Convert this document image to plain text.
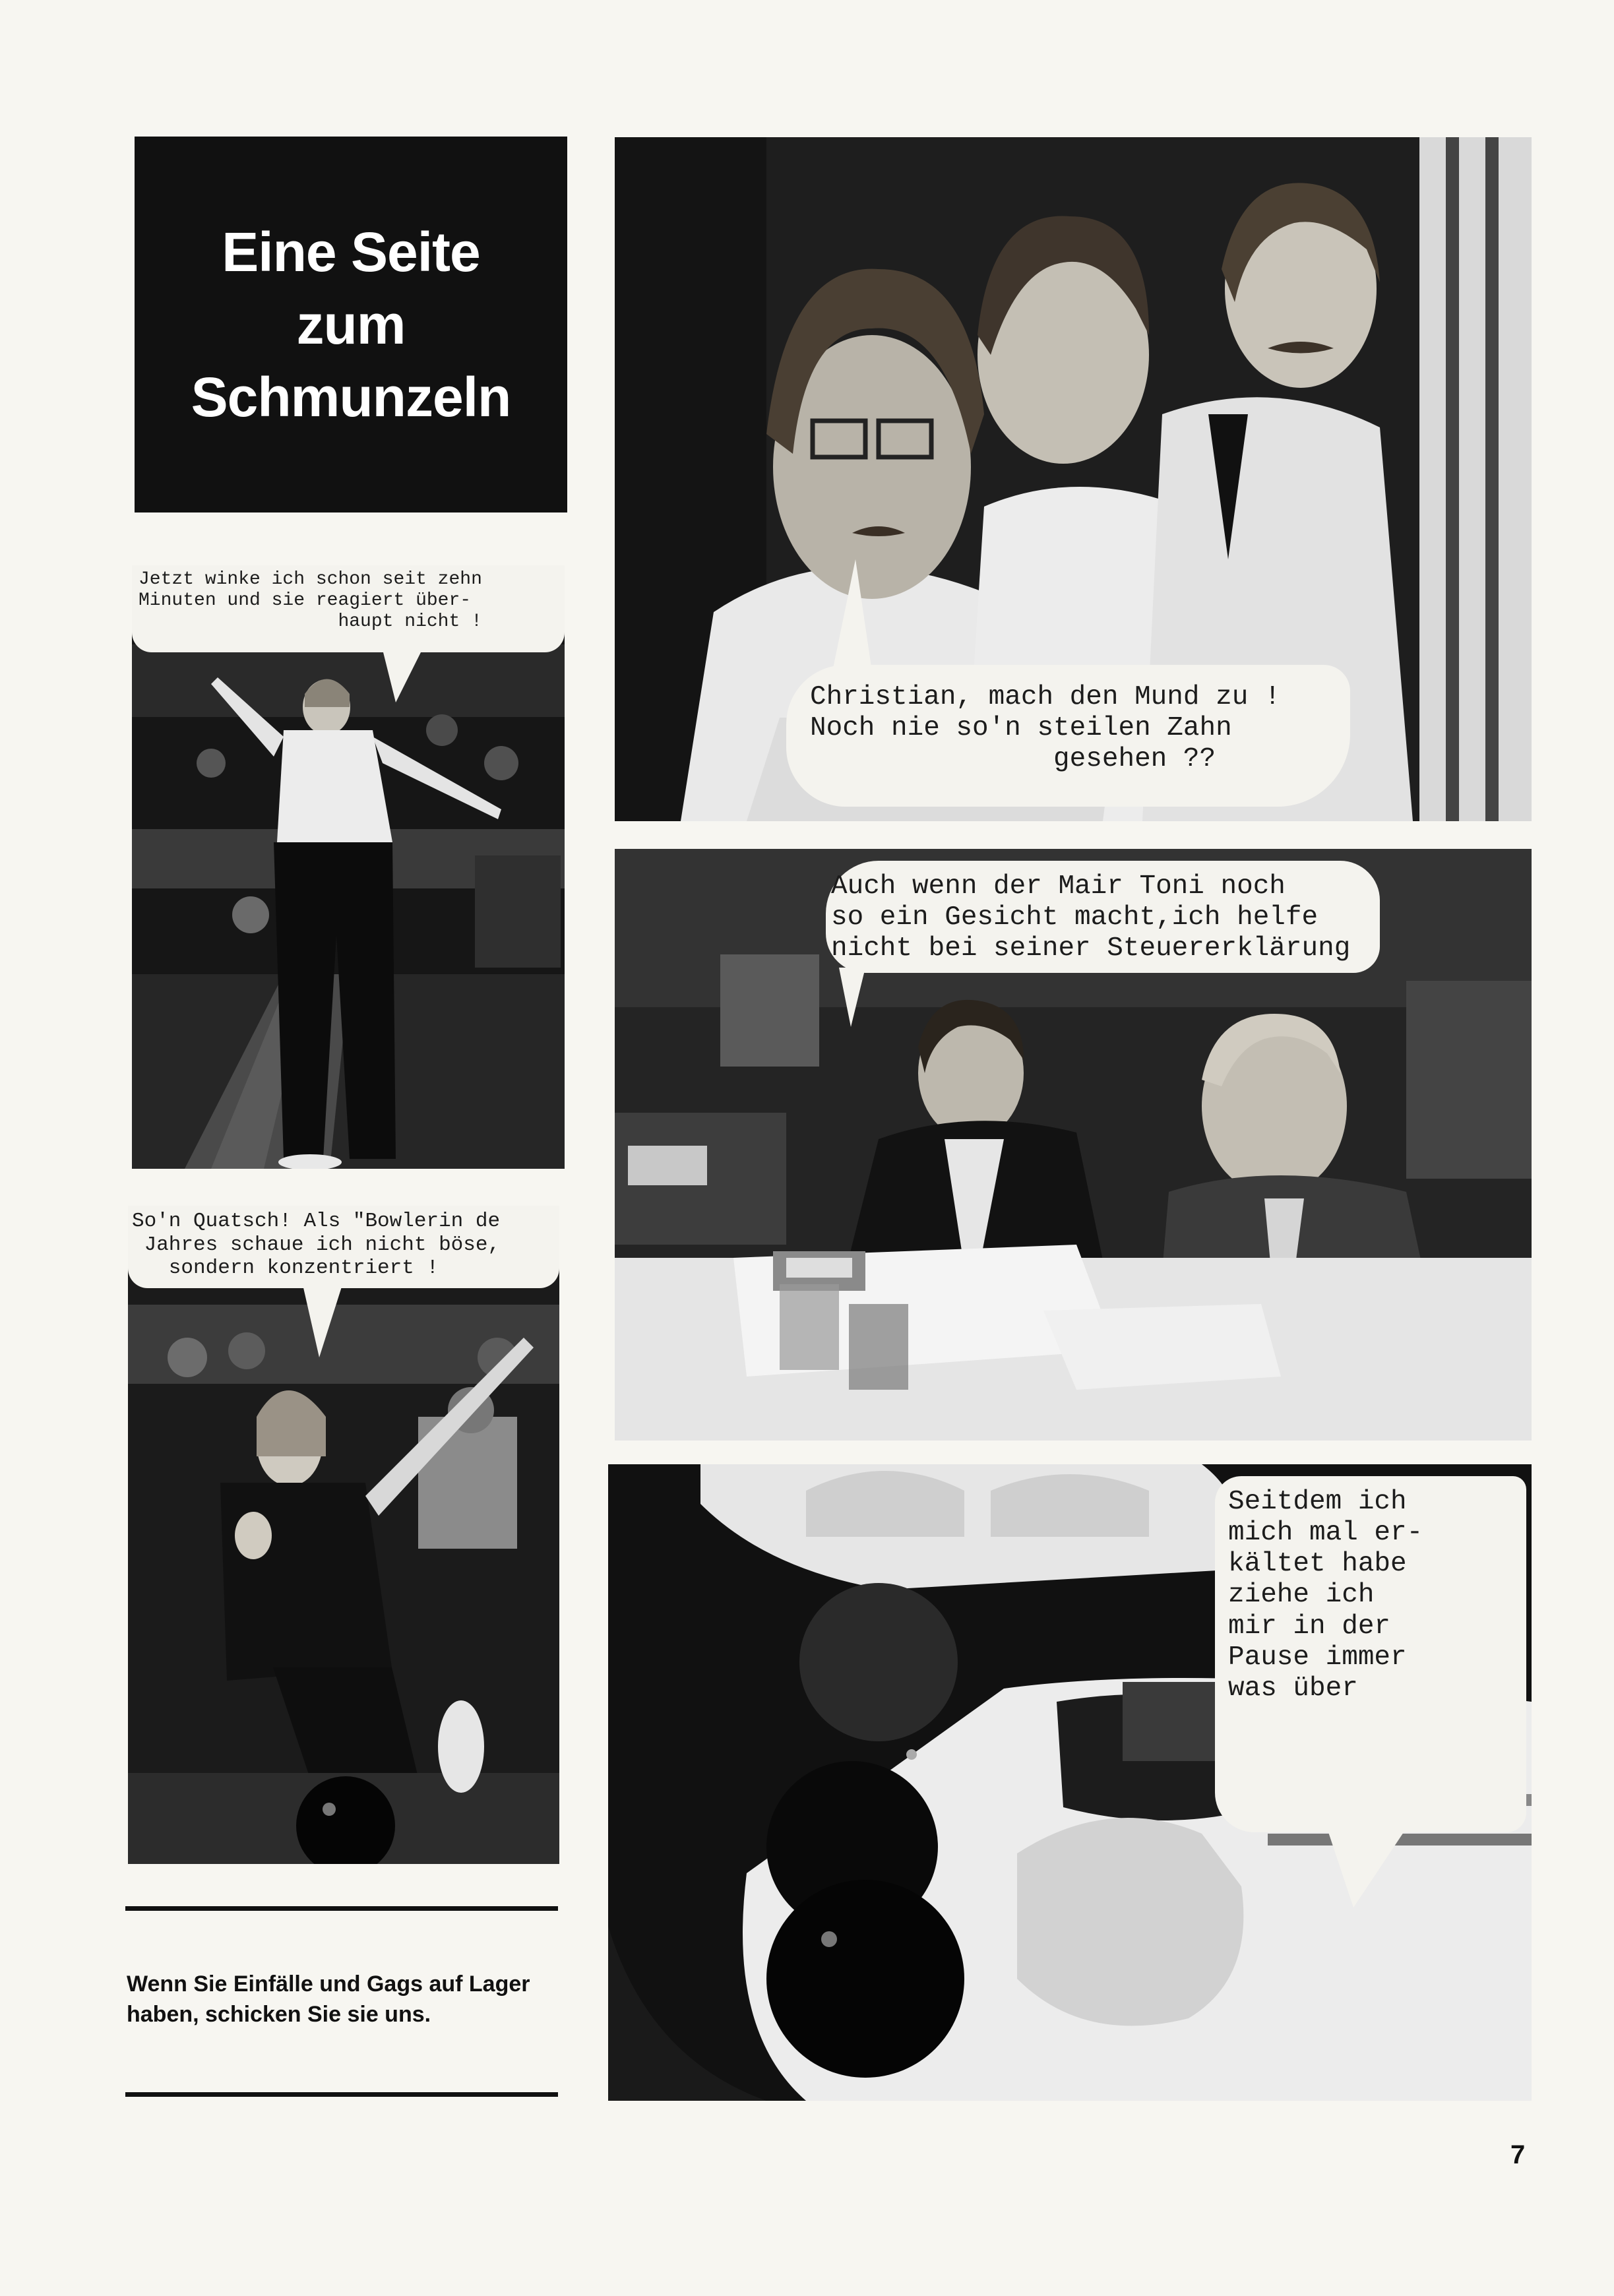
Eine Seite
zum
Schmunzeln
Jetzt winke ich schon seit zehn
Minuten und sie reagiert über-
haupt nicht !
So'n Quatsch! Als "Bowlerin de
Jahres schaue ich nicht böse,
sondern konzentriert !
Christian, mach den Mund zu !
Noch nie so'n steilen Zahn
gesehen ??
Auch wenn der Mair Toni noch
so ein Gesicht macht,ich helfe
nicht bei seiner Steuererklärung
Seitdem ich
mich mal er-
kältet habe
ziehe ich
mir in der
Pause immer
was über
Wenn Sie Einfälle und Gags auf Lager haben, schicken Sie sie uns.
7
